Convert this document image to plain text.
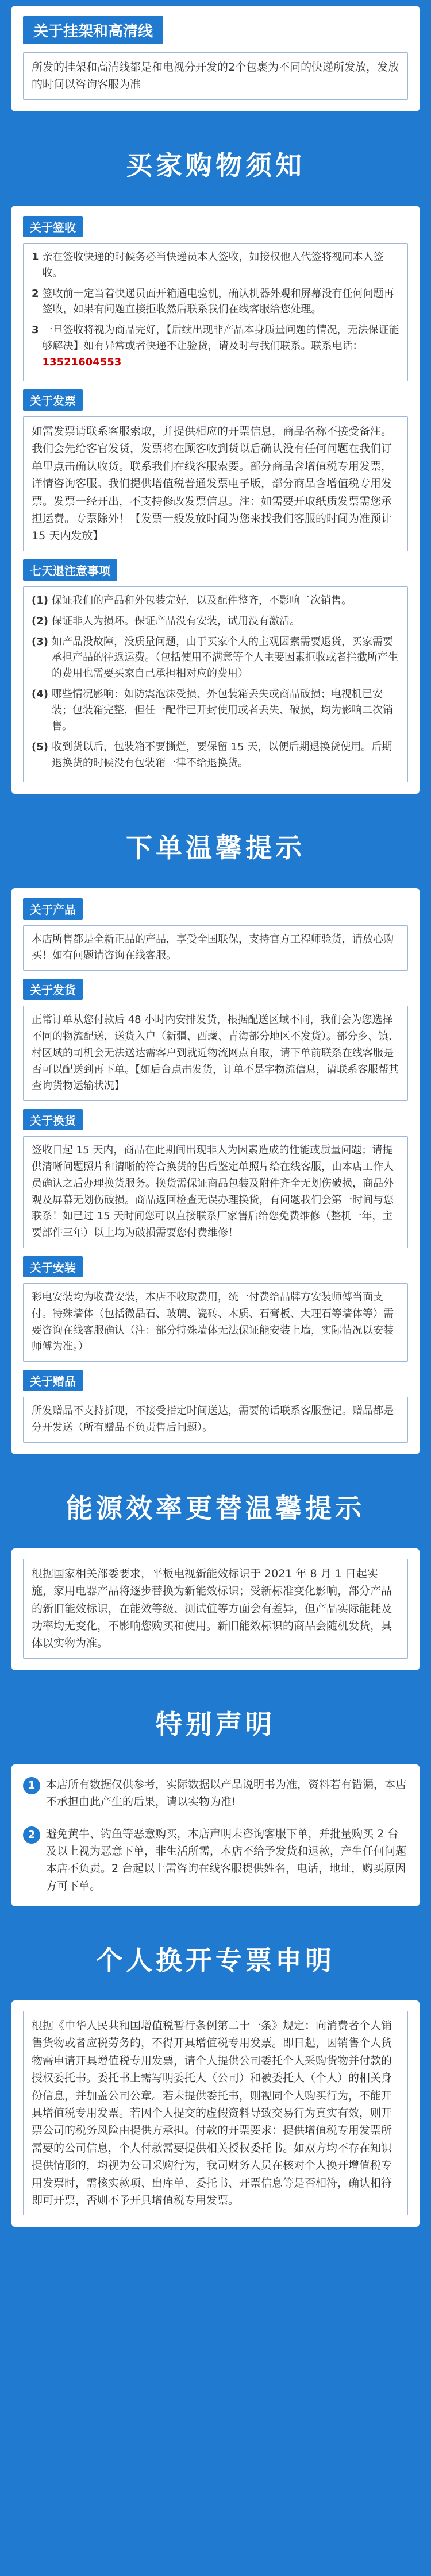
关于挂架和高清线
所发的挂架和高清线都是和电视分开发的2个包裹为不同的快递所发放，发放的时间以咨询客服为准
买家购物须知
关于签收
1 亲在签收快递的时候务必当快递员本人签收，如接权他人代签将视同本人签收。
2 签收前一定当着快递员面开箱通电验机，确认机器外观和屏幕没有任何问题再签收，如果有问题直接拒收然后联系我们在线客服给您处理。
3 一旦签收将视为商品完好，【后续出现非产品本身质量问题的情况，无法保证能够解决】如有异常或者快递不让验货，请及时与我们联系。联系电话：13521604553
关于发票
如需发票请联系客服索取，并提供相应的开票信息，商品名称不接受备注。我们会先给客官发货，发票将在顾客收到货以后确认没有任何问题在我们订单里点击确认收货。联系我们在线客服索要。部分商品含增值税专用发票，详情咨询客服。我们提供增值税普通发票电子版，部分商品含增值税专用发票。发票一经开出，不支持修改发票信息。注：如需要开取纸质发票需您承担运费。专票除外！【发票一般发放时间为您来找我们客服的时间为准预计 15 天内发放】
七天退注意事项
(1) 保证我们的产品和外包装完好，以及配件整齐，不影响二次销售。
(2) 保证非人为损坏。保证产品没有安装，试用没有激活。
(3) 如产品没故障，没质量问题，由于买家个人的主观因素需要退货，买家需要承担产品的往返运费。（包括使用不满意等个人主要因素拒收或者拦截所产生的费用也需要买家自己承担相对应的费用）
(4) 哪些情况影响：如防震泡沫受损、外包装箱丢失或商品破损；电视机已安装；包装箱完整，但任一配件已开封使用或者丢失、破损，均为影响二次销售。
(5) 收到货以后，包装箱不要撕烂，要保留 15 天，以便后期退换货使用。后期退换货的时候没有包装箱一律不给退换货。
下单温馨提示
关于产品
本店所售都是全新正品的产品，享受全国联保，支持官方工程师验货，请放心购买！如有问题请咨询在线客服。
关于发货
正常订单从您付款后 48 小时内安排发货，根据配送区域不同，我们会为您选择不同的物流配送，送货入户（新疆、西藏、青海部分地区不发货）。部分乡、镇、村区域的司机会无法送达需客户到就近物流网点自取，请下单前联系在线客服是否可以配送到再下单。【如后台点击发货，订单不是字物流信息，请联系客服帮其查询货物运输状况】
关于换货
签收日起 15 天内，商品在此期间出现非人为因素造成的性能或质量问题；请提供清晰问题照片和清晰的符合换货的售后鉴定单照片给在线客服，由本店工作人员确认之后办理换货服务。换货需保证商品包装及附件齐全无划伤破损，商品外观及屏幕无划伤破损。商品返回检查无误办理换货，有问题我们会第一时间与您联系！如已过 15 天时间您可以直接联系厂家售后给您免费维修（整机一年，主要部件三年）以上均为破损需要您付费维修！
关于安装
彩电安装均为收费安装，本店不收取费用，统一付费给品牌方安装师傅当面支付。特殊墙体（包括微晶石、玻璃、瓷砖、木质、石膏板、大理石等墙体等）需要咨询在线客服确认（注：部分特殊墙体无法保证能安装上墙，实际情况以安装师傅为准。）
关于赠品
所发赠品不支持折现，不接受指定时间送达，需要的话联系客服登记。赠品都是分开发送（所有赠品不负责售后问题）。
能源效率更替温馨提示
根据国家相关部委要求，平板电视新能效标识于 2021 年 8 月 1 日起实施，家用电器产品将逐步替换为新能效标识；受新标准变化影响，部分产品的新旧能效标识，在能效等级、测试值等方面会有差异，但产品实际能耗及功率均无变化，不影响您购买和使用。新旧能效标识的商品会随机发货，具体以实物为准。
特别声明
1 本店所有数据仅供参考，实际数据以产品说明书为准，资料若有错漏，本店不承担由此产生的后果，请以实物为准!
2 避免黄牛、钓鱼等恶意购买，本店声明未咨询客服下单，并批量购买 2 台及以上视为恶意下单，非生活所需，本店不给予发货和退款，产生任何问题本店不负责。2 台起以上需咨询在线客服提供姓名，电话，地址，购买原因方可下单。
个人换开专票申明
根据《中华人民共和国增值税暂行条例第二十一条》规定：向消费者个人销售货物或者应税劳务的，不得开具增值税专用发票。即日起，因销售个人货物需申请开具增值税专用发票，请个人提供公司委托个人采购货物并付款的授权委托书。委托书上需写明委托人（公司）和被委托人（个人）的相关身份信息，并加盖公司公章。若未提供委托书，则视同个人购买行为，不能开具增值税专用发票。若因个人提交的虚假资料导致交易行为真实有效，则开票公司的税务风险由提供方承担。付款的开票要求：提供增值税专用发票所需要的公司信息，个人付款需要提供相关授权委托书。如双方均不存在知识提供情形的，均视为公司采购行为，我司财务人员在核对个人换开增值税专用发票时，需核实款项、出库单、委托书、开票信息等是否相符，确认相符即可开票，否则不予开具增值税专用发票。
